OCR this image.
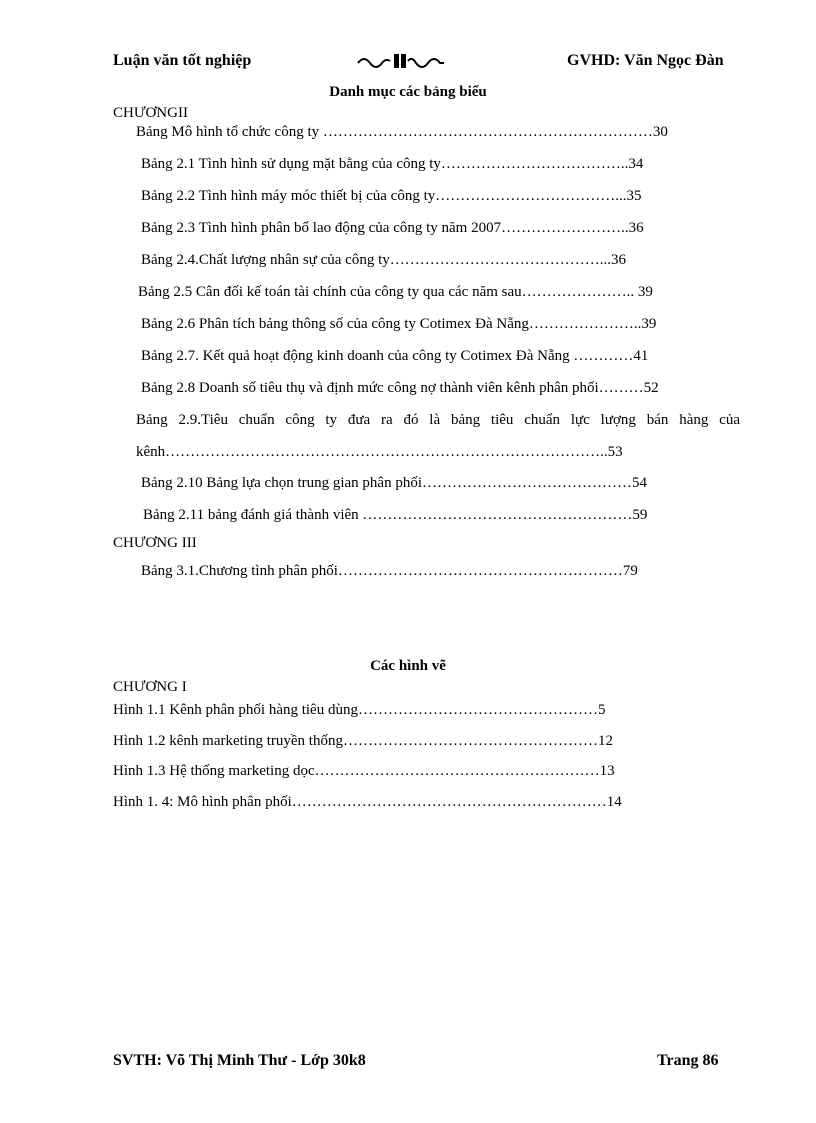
Luận văn tốt nghiệp	GVHD: Văn Ngọc Đàn
Danh mục các bảng biểu
CHƯƠNGII
Bảng Mô hình tổ chức công ty …………………………………………………………30
Bảng 2.1 Tình hình sử dụng mặt bằng của công ty………………………………..34
Bảng 2.2 Tình hình máy móc thiết bị của công ty………………………………...35
Bảng 2.3 Tình hình phân bổ lao động của công ty năm 2007……………………..36
Bảng 2.4.Chất lượng nhân sự của công ty……………………………………...36
Bảng 2.5 Cân đối kế toán tài chính của công ty qua các năm sau………………….. 39
Bảng 2.6 Phân tích bảng thông số của công ty Cotimex Đà Nẵng…………………..39
Bảng 2.7. Kết quả hoạt động kinh doanh của công ty Cotimex Đà Nẵng …………41
Bảng 2.8 Doanh số tiêu thụ và định mức công nợ thành viên kênh phân phối………52
Bảng 2.9.Tiêu chuẩn công ty đưa ra đó là bảng tiêu chuẩn lực lượng bán hàng của kênh……………………………………………………………………………..53
Bảng 2.10 Bảng lựa chọn trung gian phân phối……………………………………54
Bảng 2.11 bảng đánh giá thành viên ………………………………………………59
CHƯƠNG III
Bảng 3.1.Chương tình phân phối…………………………………………………79
Các hình vẽ
CHƯƠNG I
Hình 1.1 Kênh phân phối hàng tiêu dùng…………………………………………5
Hình 1.2 kênh marketing truyền thống……………………………………………12
Hình 1.3 Hệ thống marketing dọc…………………………………………………13
Hình 1. 4: Mô hình phân phối………………………………………………………14
SVTH: Võ Thị Minh Thư - Lớp 30k8	Trang 86
